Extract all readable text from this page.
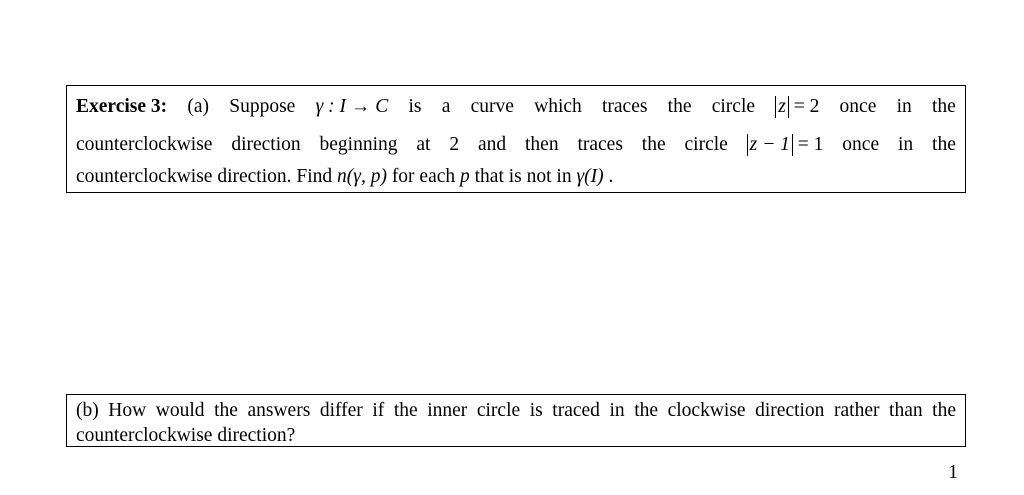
Exercise 3: (a) Suppose γ : I → C is a curve which traces the circle z = 2 once in the
counterclockwise direction beginning at 2 and then traces the circle z − 1 = 1 once in the
counterclockwise direction. Find n(γ, p) for each p that is not in γ(I) .
(b) How would the answers differ if the inner circle is traced in the clockwise direction rather than the counterclockwise direction?
1
